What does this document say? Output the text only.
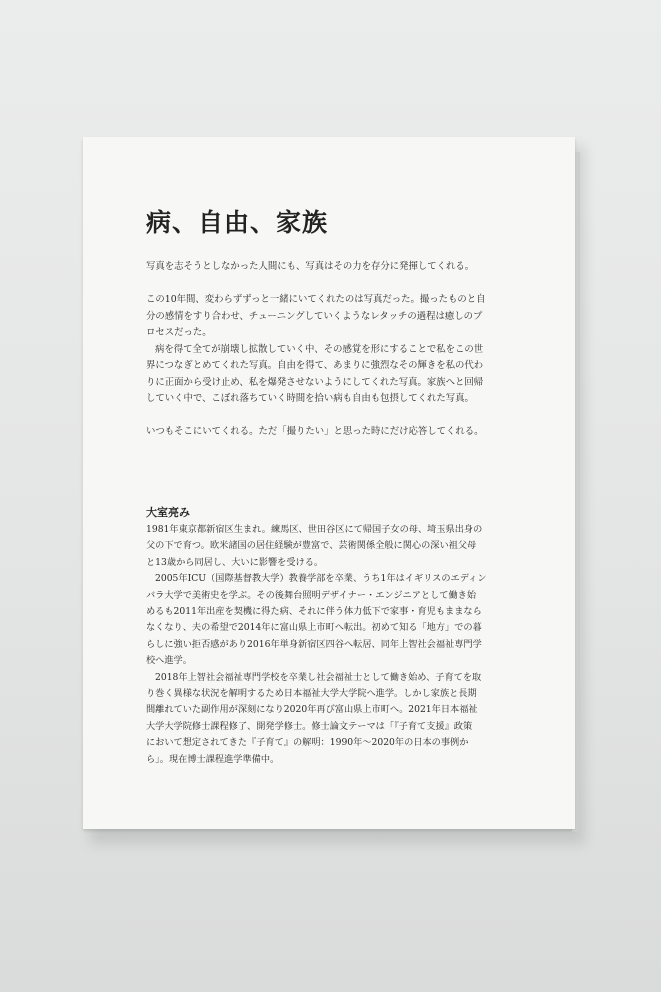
病、自由、家族

写真を志そうとしなかった人間にも、写真はその力を存分に発揮してくれる。

この10年間、変わらずずっと一緒にいてくれたのは写真だった。撮ったものと自

分の感情をすり合わせ、チューニングしていくようなレタッチの過程は癒しのプ

ロセスだった。

病を得て全てが崩壊し拡散していく中、その感覚を形にすることで私をこの世

界につなぎとめてくれた写真。自由を得て、あまりに強烈なその輝きを私の代わ

りに正面から受け止め、私を爆発させないようにしてくれた写真。家族へと回帰

していく中で、こぼれ落ちていく時間を拾い病も自由も包摂してくれた写真。

いつもそこにいてくれる。ただ「撮りたい」と思った時にだけ応答してくれる。

大室亮み

1981年東京都新宿区生まれ。練馬区、世田谷区にて帰国子女の母、埼玉県出身の

父の下で育つ。欧米諸国の居住経験が豊富で、芸術関係全般に関心の深い祖父母

と13歳から同居し、大いに影響を受ける。

2005年ICU（国際基督教大学）教養学部を卒業、うち1年はイギリスのエディン

バラ大学で美術史を学ぶ。その後舞台照明デザイナー・エンジニアとして働き始

めるも2011年出産を契機に得た病、それに伴う体力低下で家事・育児もままなら

なくなり、夫の希望で2014年に富山県上市町へ転出。初めて知る「地方」での暮

らしに強い拒否感があり2016年単身新宿区四谷へ転居、同年上智社会福祉専門学

校へ進学。

2018年上智社会福祉専門学校を卒業し社会福祉士として働き始め、子育てを取

り巻く異様な状況を解明するため日本福祉大学大学院へ進学。しかし家族と長期

間離れていた副作用が深刻になり2020年再び富山県上市町へ。2021年日本福祉

大学大学院修士課程修了、開発学修士。修士論文テーマは「『子育て支援』政策

において想定されてきた『子育て』の解明：1990年～2020年の日本の事例か

ら」。現在博士課程進学準備中。
